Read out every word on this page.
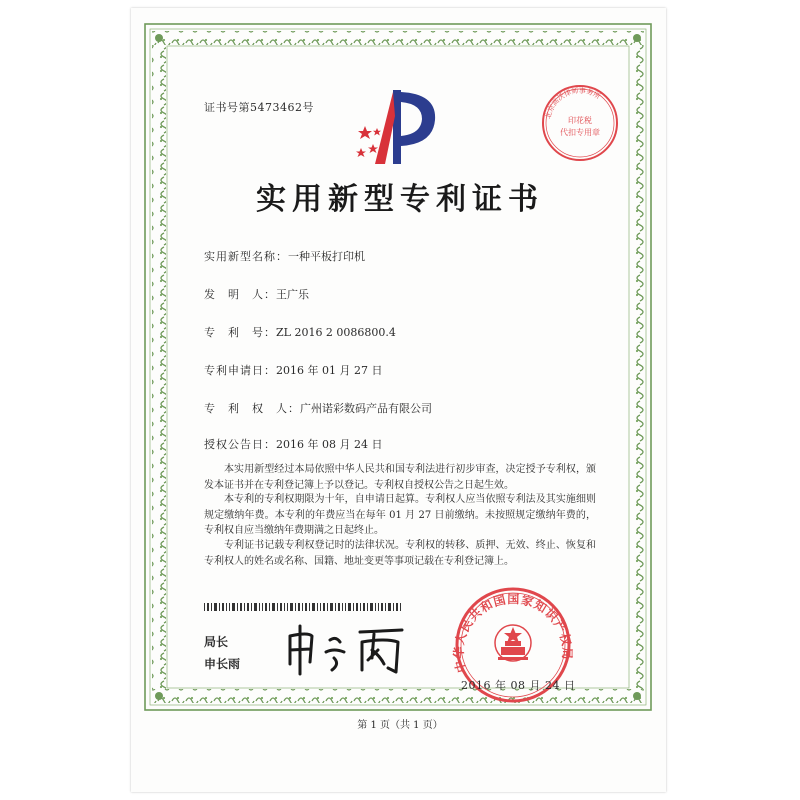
证书号第5473462号
北京高沃律师事务所
印花税
代扣专用章
实用新型专利证书
实用新型名称：一种平板打印机
发　明　人：王广乐
专　利　号：ZL 2016 2 0086800.4
专利申请日：2016 年 01 月 27 日
专　利　权　人：广州诺彩数码产品有限公司
授权公告日：2016 年 08 月 24 日
本实用新型经过本局依照中华人民共和国专利法进行初步审查，决定授予专利权，颁发本证书并在专利登记簿上予以登记。专利权自授权公告之日起生效。
本专利的专利权期限为十年，自申请日起算。专利权人应当依照专利法及其实施细则规定缴纳年费。本专利的年费应当在每年 01 月 27 日前缴纳。未按照规定缴纳年费的，专利权自应当缴纳年费期满之日起终止。
专利证书记载专利权登记时的法律状况。专利权的转移、质押、无效、终止、恢复和专利权人的姓名或名称、国籍、地址变更等事项记载在专利登记簿上。
局长
申长雨	中华人民共和国国家知识产权局
2016 年 08 月 24 日
第 1 页（共 1 页）
